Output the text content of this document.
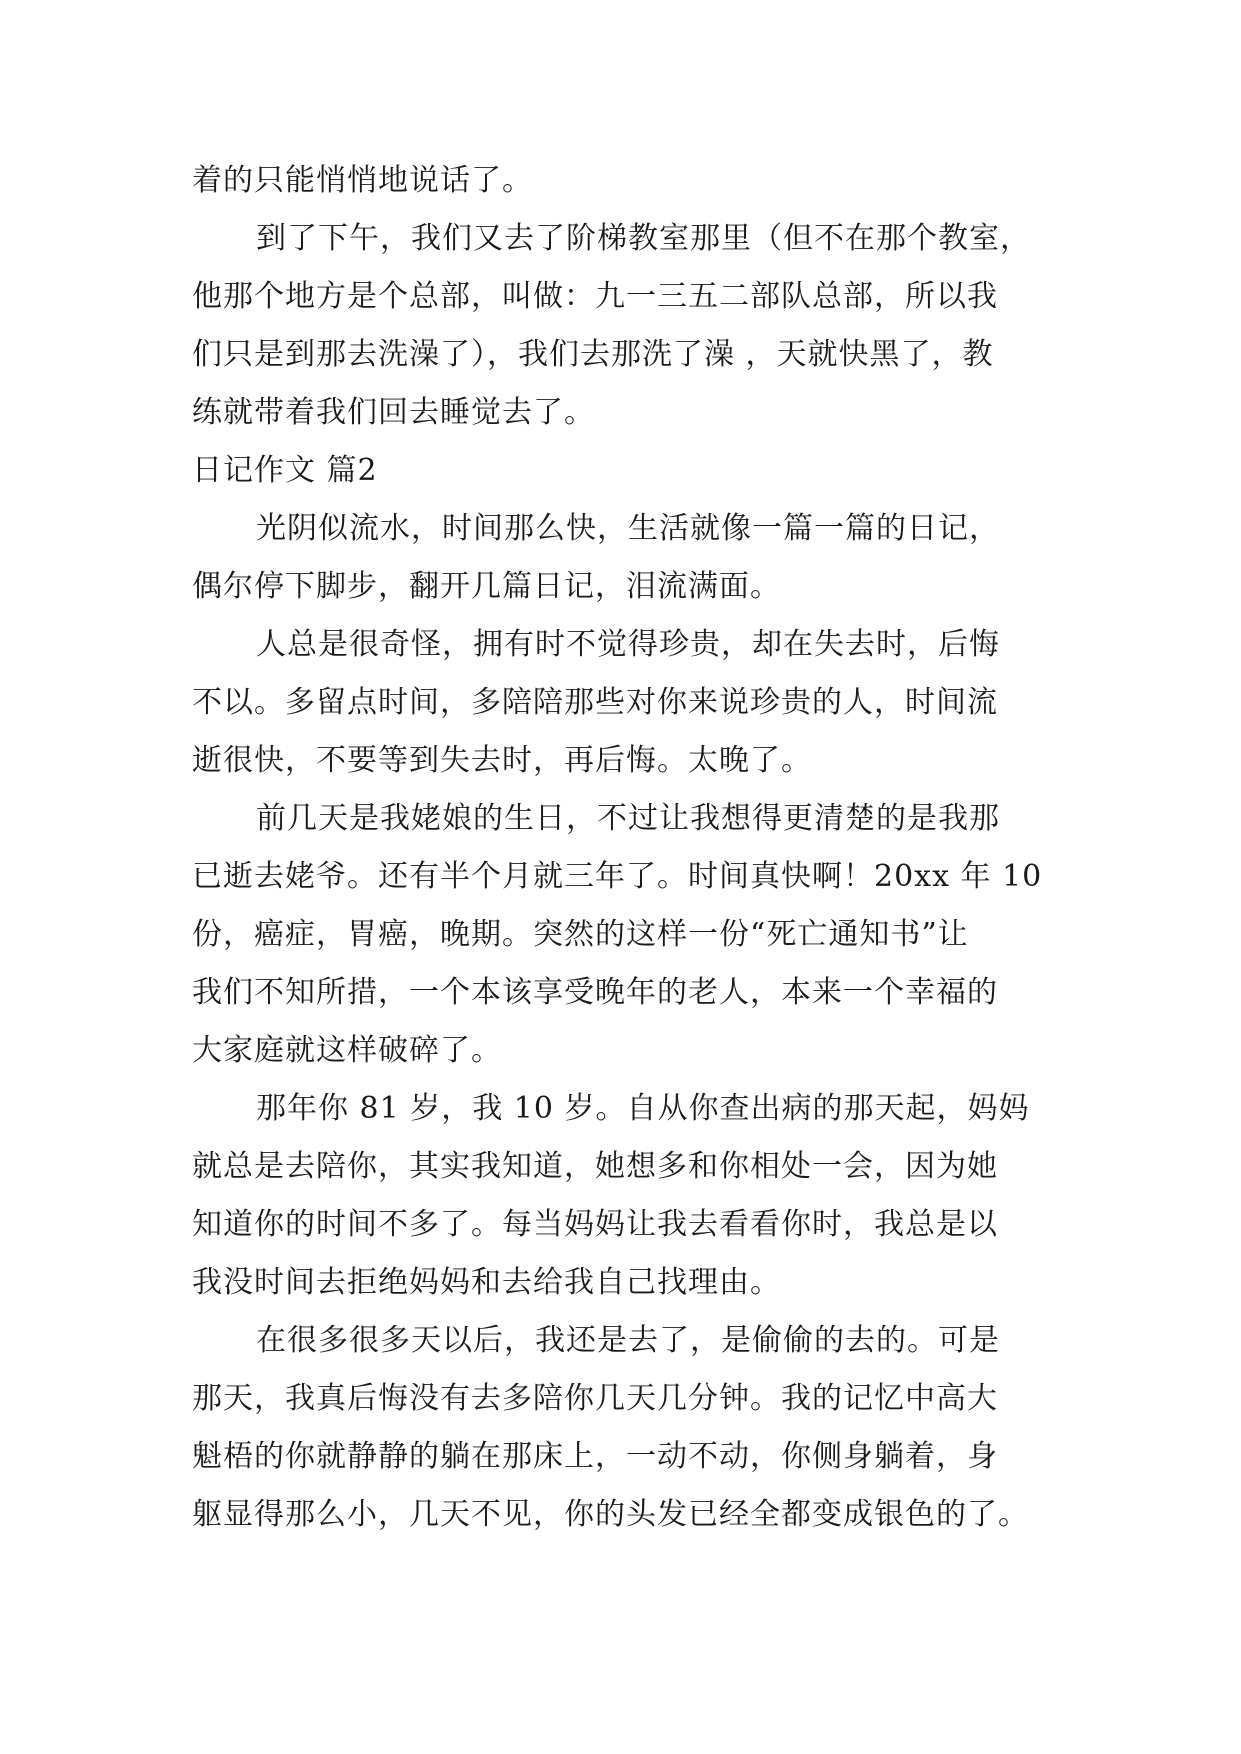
着的只能悄悄地说话了。
到了下午，我们又去了阶梯教室那里（但不在那个教室，
他那个地方是个总部，叫做：九一三五二部队总部，所以我
们只是到那去洗澡了），我们去那洗了澡 ，天就快黑了，教
练就带着我们回去睡觉去了。
日记作文 篇2
光阴似流水，时间那么快，生活就像一篇一篇的日记，
偶尔停下脚步，翻开几篇日记，泪流满面。
人总是很奇怪，拥有时不觉得珍贵，却在失去时，后悔
不以。多留点时间，多陪陪那些对你来说珍贵的人，时间流
逝很快，不要等到失去时，再后悔。太晚了。
前几天是我姥娘的生日，不过让我想得更清楚的是我那
已逝去姥爷。还有半个月就三年了。时间真快啊！20xx 年 10
份，癌症，胃癌，晚期。突然的这样一份“死亡通知书”让
我们不知所措，一个本该享受晚年的老人，本来一个幸福的
大家庭就这样破碎了。
那年你 81 岁，我 10 岁。自从你查出病的那天起，妈妈
就总是去陪你，其实我知道，她想多和你相处一会，因为她
知道你的时间不多了。每当妈妈让我去看看你时，我总是以
我没时间去拒绝妈妈和去给我自己找理由。
在很多很多天以后，我还是去了，是偷偷的去的。可是
那天，我真后悔没有去多陪你几天几分钟。我的记忆中高大
魁梧的你就静静的躺在那床上，一动不动，你侧身躺着，身
躯显得那么小，几天不见，你的头发已经全都变成银色的了。
